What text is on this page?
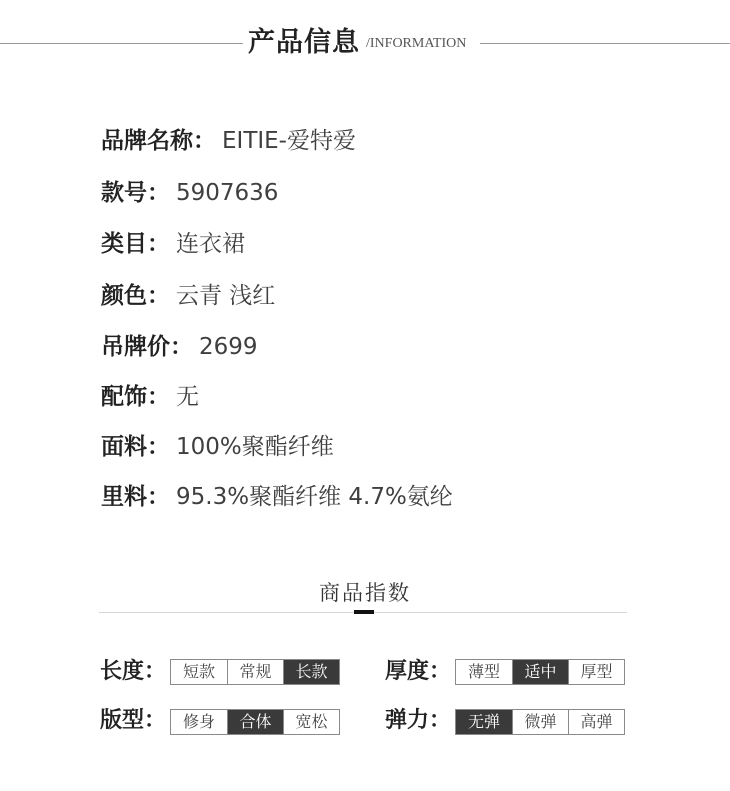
产品信息 /INFORMATION
品牌名称： EITIE-爱特爱
款号： 5907636
类目： 连衣裙
颜色： 云青 浅红
吊牌价： 2699
配饰： 无
面料： 100%聚酯纤维
里料： 95.3%聚酯纤维 4.7%氨纶
商品指数
长度：	短款	常规	长款	厚度：	薄型	适中	厚型
版型：	修身	合体	宽松	弹力：	无弹	微弹	高弹
